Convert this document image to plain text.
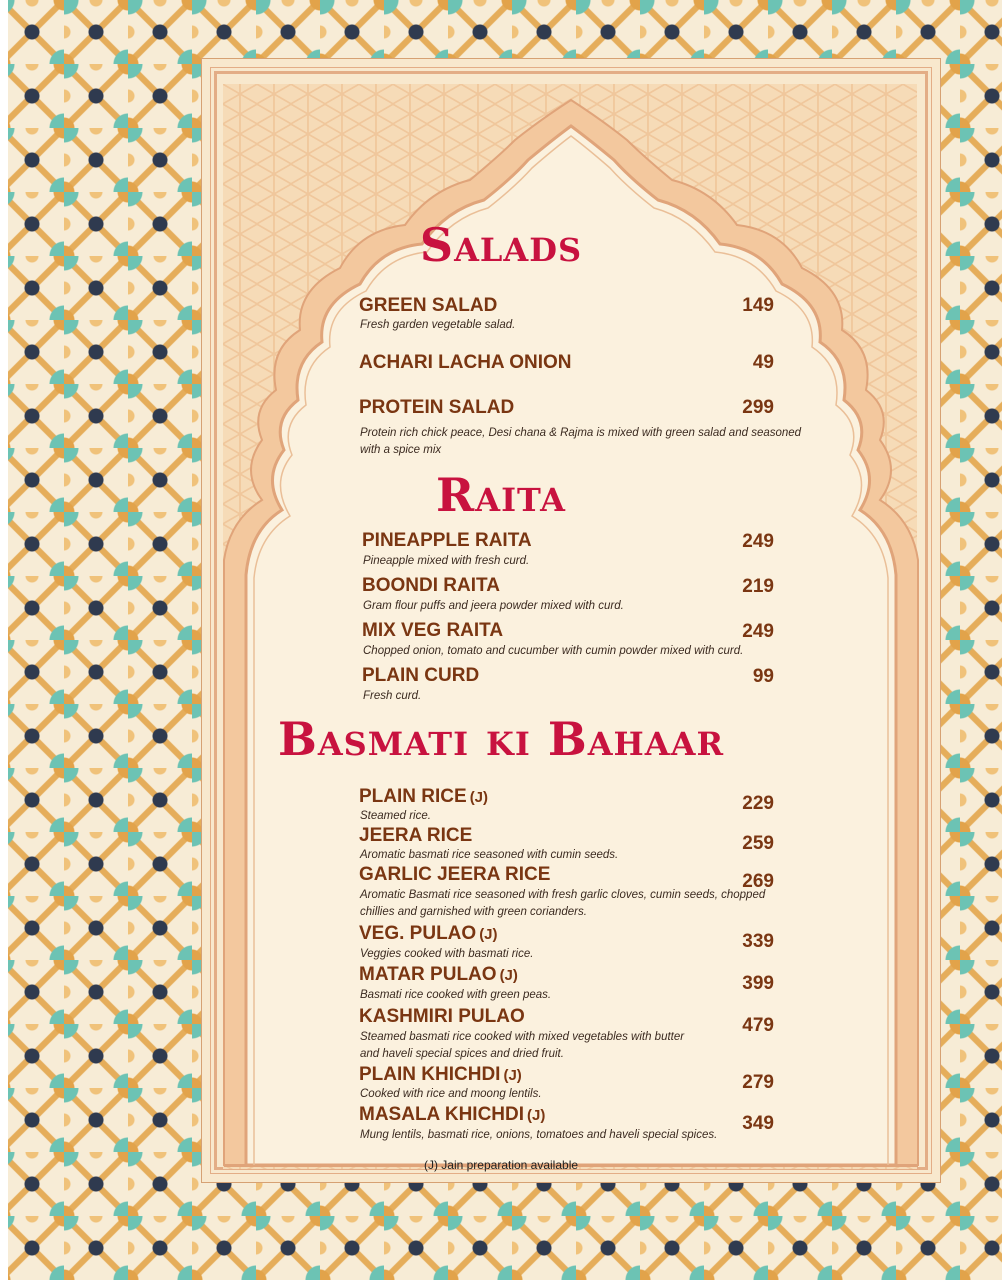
Salads
GREEN SALAD	149
Fresh garden vegetable salad.
ACHARI LACHA ONION	49
PROTEIN SALAD	299
Protein rich chick peace, Desi chana & Rajma is mixed with green salad and seasoned with a spice mix
Raita
PINEAPPLE RAITA	249
Pineapple mixed with fresh curd.
BOONDI RAITA	219
Gram flour puffs and jeera powder mixed with curd.
MIX VEG RAITA	249
Chopped onion, tomato and cucumber with cumin powder mixed with curd.
PLAIN CURD	99
Fresh curd.
Basmati ki Bahaar
PLAIN RICE (J)	229
Steamed rice.
JEERA RICE	259
Aromatic basmati rice seasoned with cumin seeds.
GARLIC JEERA RICE	269
Aromatic Basmati rice seasoned with fresh garlic cloves, cumin seeds, chopped chillies and garnished with green corianders.
VEG. PULAO (J)	339
Veggies cooked with basmati rice.
MATAR PULAO (J)	399
Basmati rice cooked with green peas.
KASHMIRI PULAO	479
Steamed basmati rice cooked with mixed vegetables with butter and haveli special spices and dried fruit.
PLAIN KHICHDI (J)	279
Cooked with rice and moong lentils.
MASALA KHICHDI (J)	349
Mung lentils, basmati rice, onions, tomatoes and haveli special spices.
(J) Jain preparation available
